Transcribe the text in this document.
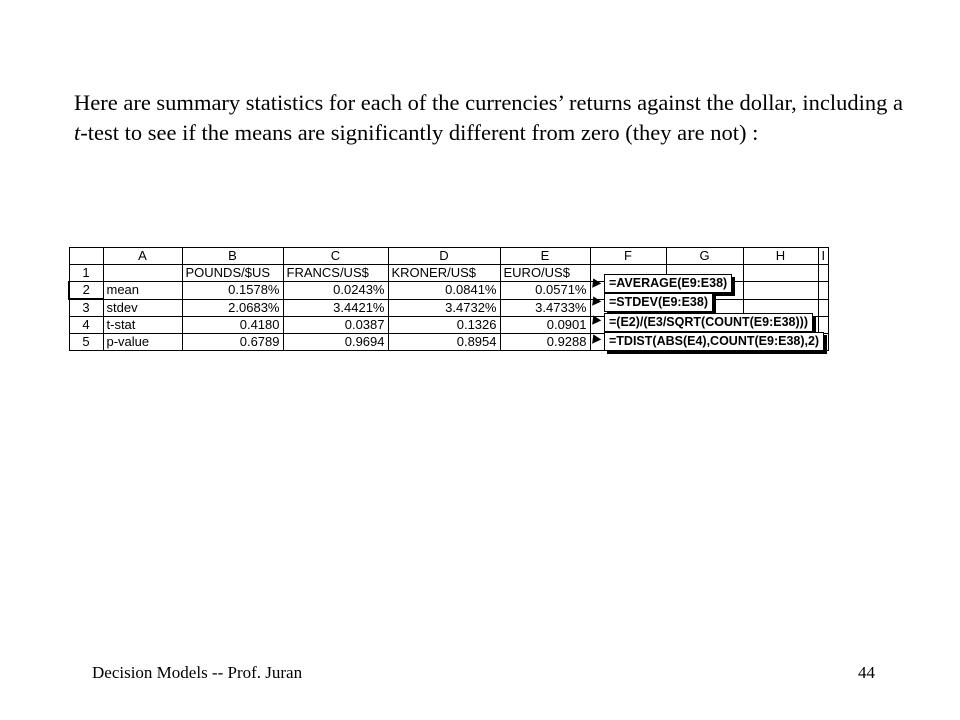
Here are summary statistics for each of the currencies’ returns against the dollar, including a t-test to see if the means are significantly different from zero (they are not) :

	A	B	C	D	E	F	G	H	I
1		POUNDS/$US	FRANCS/US$	KRONER/US$	EURO/US$				
2	mean	0.1578%	0.0243%	0.0841%	0.0571%				
3	stdev	2.0683%	3.4421%	3.4732%	3.4733%				
4	t-stat	0.4180	0.0387	0.1326	0.0901				
5	p-value	0.6789	0.9694	0.8954	0.9288				
=AVERAGE(E9:E38)
=STDEV(E9:E38)
=(E2)/(E3/SQRT(COUNT(E9:E38)))
=TDIST(ABS(E4),COUNT(E9:E38),2)
Decision Models -- Prof. Juran	44
